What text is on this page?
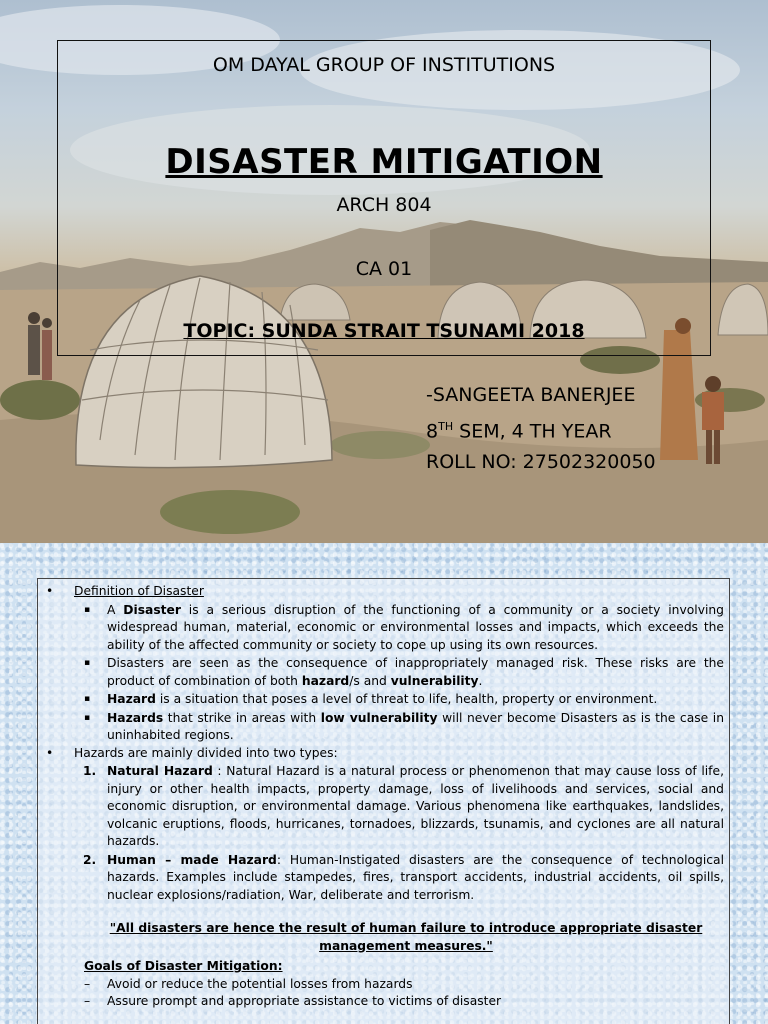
OM DAYAL GROUP OF INSTITUTIONS
DISASTER MITIGATION
ARCH 804
CA 01
TOPIC: SUNDA STRAIT TSUNAMI 2018
-SANGEETA BANERJEE
8TH SEM, 4 TH YEAR
ROLL NO: 27502320050
• Definition of Disaster
▪ A Disaster is a serious disruption of the functioning of a community or a society involving widespread human, material, economic or environmental losses and impacts, which exceeds the ability of the affected community or society to cope up using its own resources.
▪ Disasters are seen as the consequence of inappropriately managed risk. These risks are the product of combination of both hazard/s and vulnerability.
▪ Hazard is a situation that poses a level of threat to life, health, property or environment.
▪ Hazards that strike in areas with low vulnerability will never become Disasters as is the case in uninhabited regions.
• Hazards are mainly divided into two types:
1. Natural Hazard : Natural Hazard is a natural process or phenomenon that may cause loss of life, injury or other health impacts, property damage, loss of livelihoods and services, social and economic disruption, or environmental damage. Various phenomena like earthquakes, landslides, volcanic eruptions, floods, hurricanes, tornadoes, blizzards, tsunamis, and cyclones are all natural hazards.
2. Human – made Hazard: Human-Instigated disasters are the consequence of technological hazards. Examples include stampedes, fires, transport accidents, industrial accidents, oil spills, nuclear explosions/radiation, War, deliberate and terrorism.
"All disasters are hence the result of human failure to introduce appropriate disaster management measures."
Goals of Disaster Mitigation:
– Avoid or reduce the potential losses from hazards
– Assure prompt and appropriate assistance to victims of disaster
